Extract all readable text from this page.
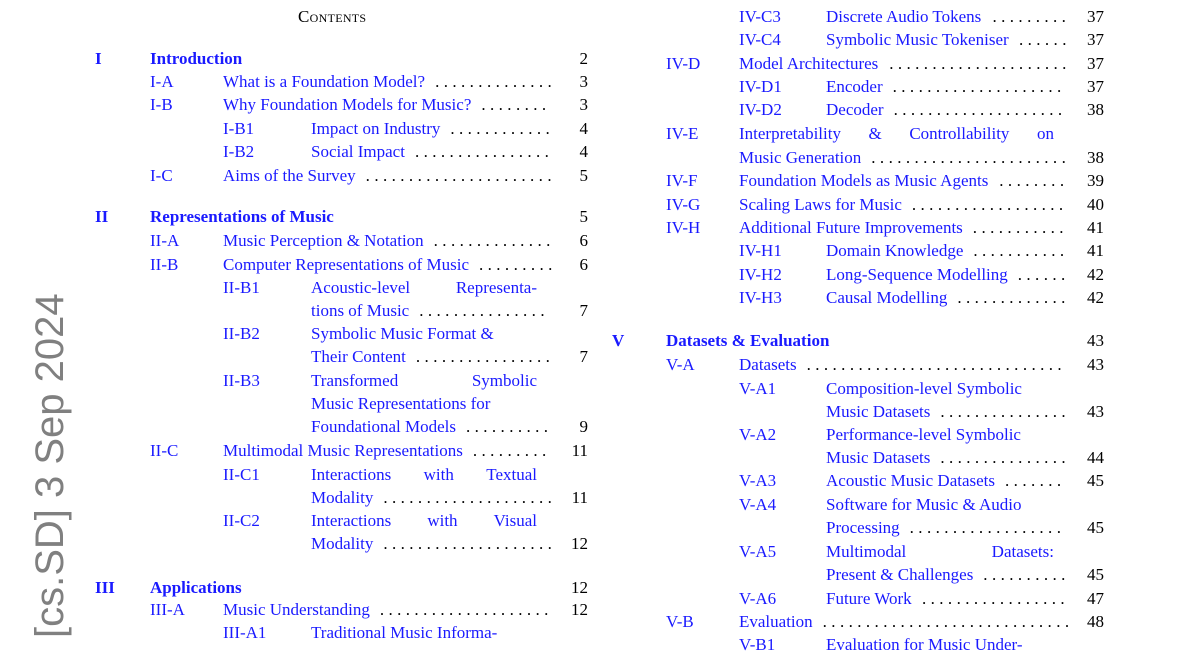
[cs.SD] 3 Sep 2024
Contents
I	Introduction	2
I-A	What is a Foundation Model? ..............	3
I-B	Why Foundation Models for Music? ........	3
I-B1	Impact on Industry ............	4
I-B2	Social Impact ................	4
I-C	Aims of the Survey ......................	5
II Representations of Music	5
II-A	Music Perception & Notation ..............	6
II-B	Computer Representations of Music .........	6
II-B1	Acoustic-level	Representa-
tions of Music ...............	7
II-B2	Symbolic Music Format &
Their Content ................	7
II-B3	Transformed	Symbolic
Music Representations for
Foundational Models ..........	9
II-C	Multimodal Music Representations .........	11
II-C1	Interactions with Textual
Modality .................... 11
II-C2	Interactions with Visual
Modality .................... 12
III Applications	12
III-A Music Understanding ....................	12
III-A1	Traditional Music Informa-
IV-C3	Discrete Audio Tokens ......... 37
IV-C4	Symbolic Music Tokeniser ...... 37
IV-D Model Architectures ..................... 37
IV-D1	Encoder ....................	37
IV-D2	Decoder ....................	38
IV-E Interpretability & Controllability on
Music Generation ....................... 38
IV-F Foundation Models as Music Agents ........	39
IV-G Scaling Laws for Music ..................	40
IV-H Additional Future Improvements ...........	41
IV-H1	Domain Knowledge ...........	41
IV-H2	Long-Sequence Modelling ......	42
IV-H3	Causal Modelling .............	42
V Datasets & Evaluation	43
V-A	Datasets ..............................	43
V-A1	Composition-level Symbolic
Music Datasets ............... 43
V-A2	Performance-level Symbolic
Music Datasets ............... 44
V-A3	Acoustic Music Datasets .......	45
V-A4	Software for Music & Audio
Processing ..................	45
V-A5	Multimodal	Datasets:
Present & Challenges ..........	45
V-A6	Future Work .................	47
V-B	Evaluation ............................. 48
V-B1	Evaluation for Music Under-
